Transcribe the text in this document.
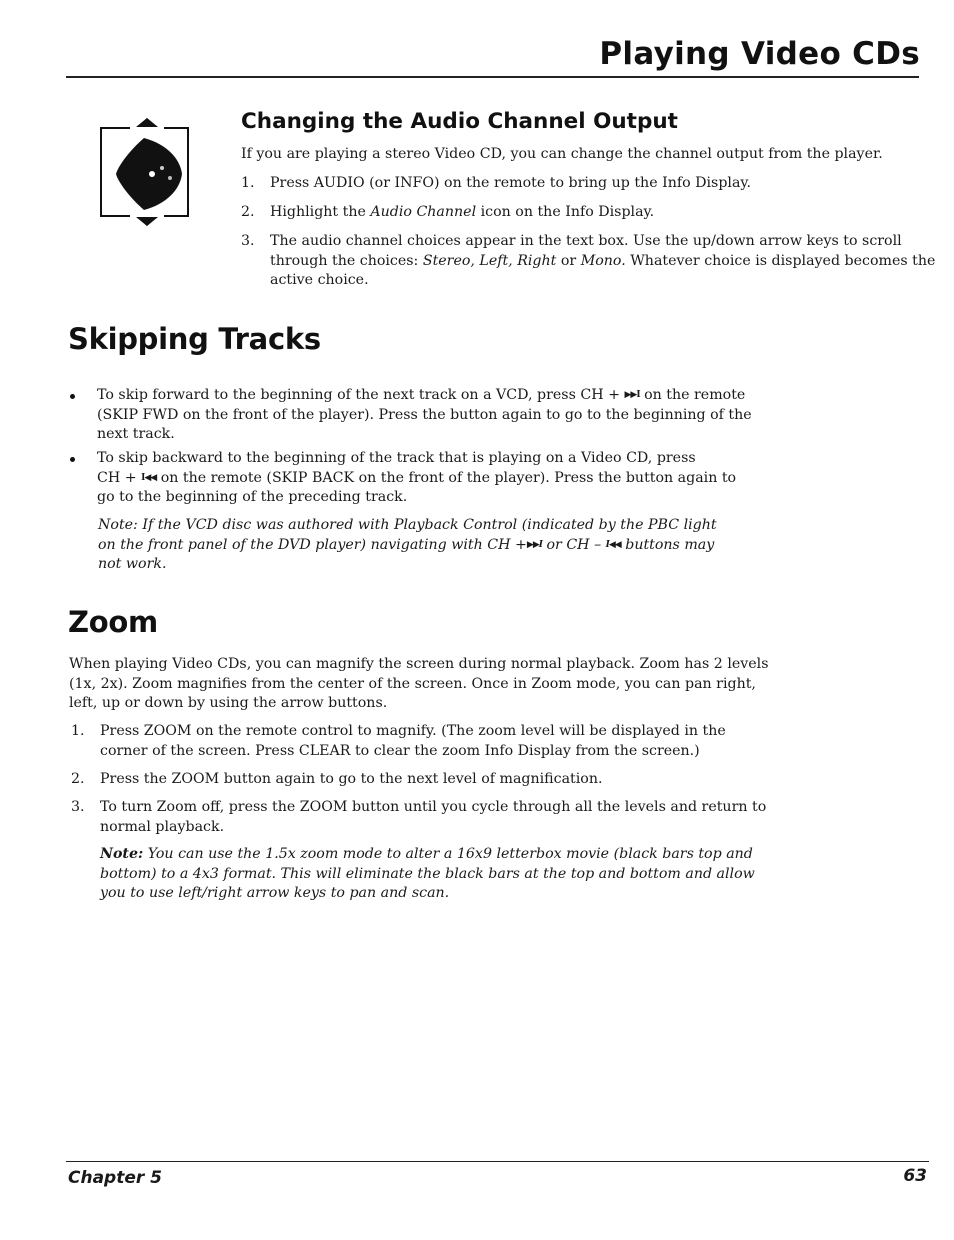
Playing Video CDs
Changing the Audio Channel Output
If you are playing a stereo Video CD, you can change the channel output from the player.
1. Press AUDIO (or INFO) on the remote to bring up the Info Display.
2. Highlight the Audio Channel icon on the Info Display.
3. The audio channel choices appear in the text box. Use the up/down arrow keys to scroll
through the choices: Stereo, Left, Right or Mono. Whatever choice is displayed becomes the
active choice.
Skipping Tracks
To skip forward to the beginning of the next track on a VCD, press CH + ▶▶I on the remote
(SKIP FWD on the front of the player). Press the button again to go to the beginning of the
next track.
To skip backward to the beginning of the track that is playing on a Video CD, press
CH + I◀◀ on the remote (SKIP BACK on the front of the player). Press the button again to
go to the beginning of the preceding track.
Note: If the VCD disc was authored with Playback Control (indicated by the PBC light
on the front panel of the DVD player) navigating with CH +▶▶I or CH – I◀◀ buttons may
not work.
Zoom
When playing Video CDs, you can magnify the screen during normal playback. Zoom has 2 levels
(1x, 2x). Zoom magnifies from the center of the screen. Once in Zoom mode, you can pan right,
left, up or down by using the arrow buttons.
1. Press ZOOM on the remote control to magnify. (The zoom level will be displayed in the
corner of the screen. Press CLEAR to clear the zoom Info Display from the screen.)
2. Press the ZOOM button again to go to the next level of magnification.
3. To turn Zoom off, press the ZOOM button until you cycle through all the levels and return to
normal playback.
Note: You can use the 1.5x zoom mode to alter a 16x9 letterbox movie (black bars top and
bottom) to a 4x3 format. This will eliminate the black bars at the top and bottom and allow
you to use left/right arrow keys to pan and scan.
Chapter 5	63
